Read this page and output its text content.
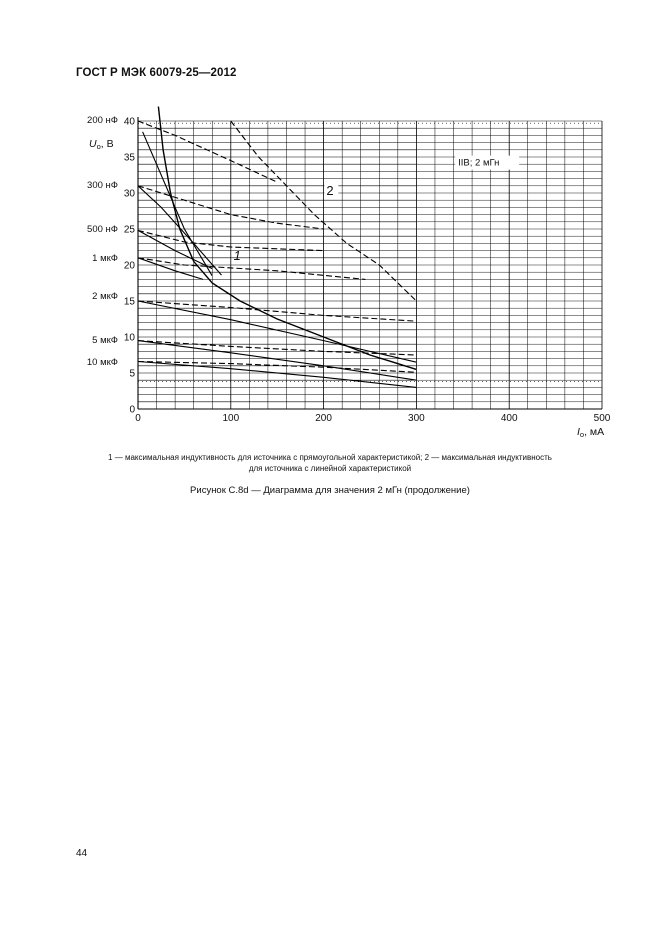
ГОСТ Р МЭК 60079-25—2012
0	100	200	300	400	500
0
5
10
15
20
25
30
35
40
Uo, В
Io, мА
IIB; 2 мГн
1
2
200 нФ
300 нФ
500 нФ
1 мкФ
2 мкФ
5 мкФ
10 мкФ
1 — максимальная индуктивность для источника с прямоугольной характеристикой; 2 — максимальная индуктивность
для источника с линейной характеристикой
Рисунок С.8d — Диаграмма для значения 2 мГн (продолжение)
44
